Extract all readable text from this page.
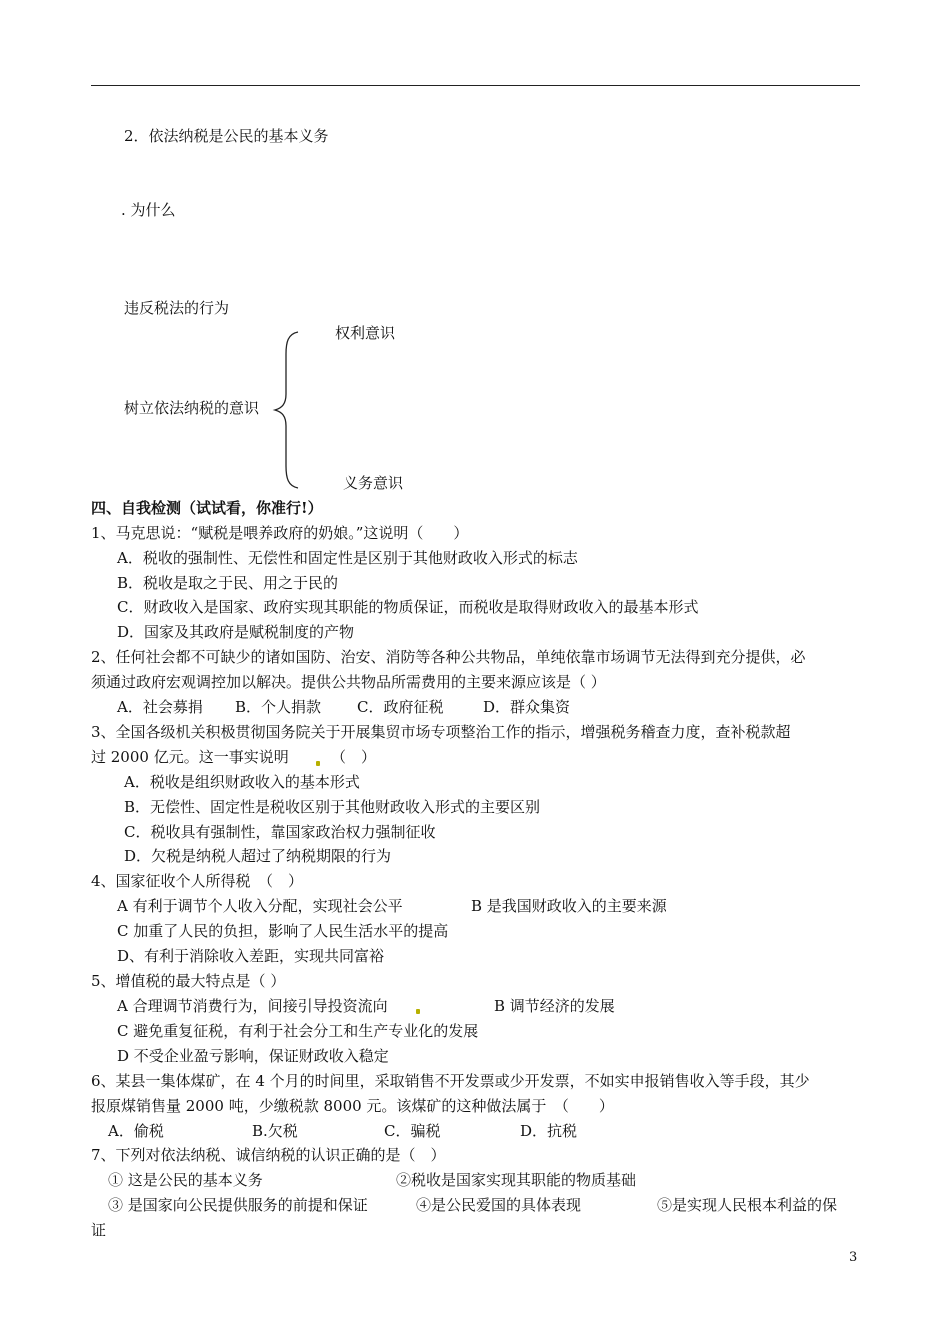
2．依法纳税是公民的基本义务
. 为什么
违反税法的行为
权利意识
树立依法纳税的意识
义务意识
四、自我检测（试试看，你准行!）
1、马克思说：“赋税是喂养政府的奶娘。”这说明（　　）
A．税收的强制性、无偿性和固定性是区别于其他财政收入形式的标志
B．税收是取之于民、用之于民的
C．财政收入是国家、政府实现其职能的物质保证，而税收是取得财政收入的最基本形式
D．国家及其政府是赋税制度的产物
2、任何社会都不可缺少的诸如国防、治安、消防等各种公共物品，单纯依靠市场调节无法得到充分提供，必
须通过政府宏观调控加以解决。提供公共物品所需费用的主要来源应该是（ ）
A．社会募捐 B．个人捐款 C．政府征税	D．群众集资
3、全国各级机关积极贯彻国务院关于开展集贸市场专项整治工作的指示，增强税务稽查力度，查补税款超
过 2000 亿元。这一事实说明	（　）
A．税收是组织财政收入的基本形式
B．无偿性、固定性是税收区别于其他财政收入形式的主要区别
C．税收具有强制性，靠国家政治权力强制征收
D．欠税是纳税人超过了纳税期限的行为
4、国家征收个人所得税　（　）
A 有利于调节个人收入分配，实现社会公平	B 是我国财政收入的主要来源
C 加重了人民的负担，影响了人民生活水平的提高
D、有利于消除收入差距，实现共同富裕
5、增值税的最大特点是（ ）
A 合理调节消费行为，间接引导投资流向	B 调节经济的发展
C 避免重复征税，有利于社会分工和生产专业化的发展
D 不受企业盈亏影响，保证财政收入稳定
6、某县一集体煤矿，在 4 个月的时间里，采取销售不开发票或少开发票，不如实申报销售收入等手段，其少
报原煤销售量 2000 吨，少缴税款 8000 元。该煤矿的这种做法属于　（　　）
A．偷税	B.欠税	C．骗税	D．抗税
7、下列对依法纳税、诚信纳税的认识正确的是（　）
① 这是公民的基本义务	②税收是国家实现其职能的物质基础
③ 是国家向公民提供服务的前提和保证	④是公民爱国的具体表现	⑤是实现人民根本利益的保
证
3
